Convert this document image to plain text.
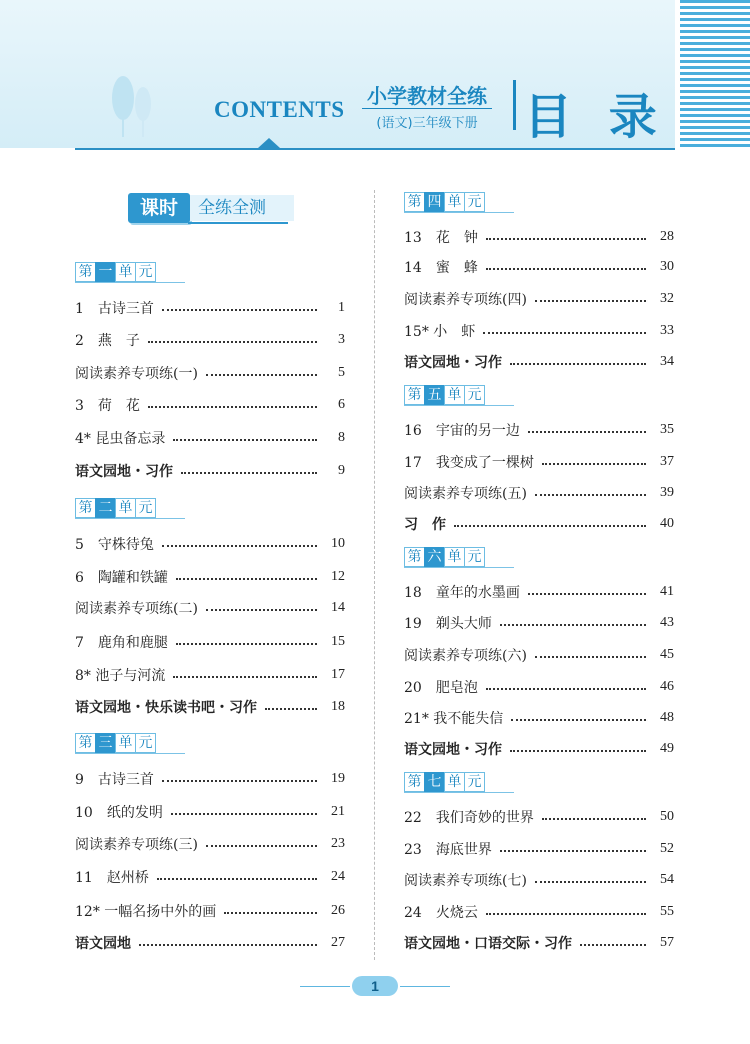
CONTENTS
小学教材全练
(语文)三年级下册 目 录
课时	全练全测
第 一 单 元
第 二 单 元
第 三 单 元
1　古诗三首	1
2　燕　子	3
阅读素养专项练(一)	5
3　荷　花	6
4* 昆虫备忘录	8
语文园地・习作	9
5　守株待兔	10
6　陶罐和铁罐	12
阅读素养专项练(二)	14
7　鹿角和鹿腿	15
8* 池子与河流	17
语文园地・快乐读书吧・习作	18
9　古诗三首	19
10　纸的发明	21
阅读素养专项练(三)	23
11　赵州桥	24
12* 一幅名扬中外的画	26
语文园地	27
第 四 单 元
第 五 单 元
第 六 单 元
第 七 单 元
13　花　钟	28
14　蜜　蜂	30
阅读素养专项练(四)	32
15* 小　虾	33
语文园地・习作	34
16　宇宙的另一边	35
17　我变成了一棵树	37
阅读素养专项练(五)	39
习　作	40
18　童年的水墨画	41
19　剃头大师	43
阅读素养专项练(六)	45
20　肥皂泡	46
21* 我不能失信	48
语文园地・习作	49
22　我们奇妙的世界	50
23　海底世界	52
阅读素养专项练(七)	54
24　火烧云	55
语文园地・口语交际・习作	57
1
